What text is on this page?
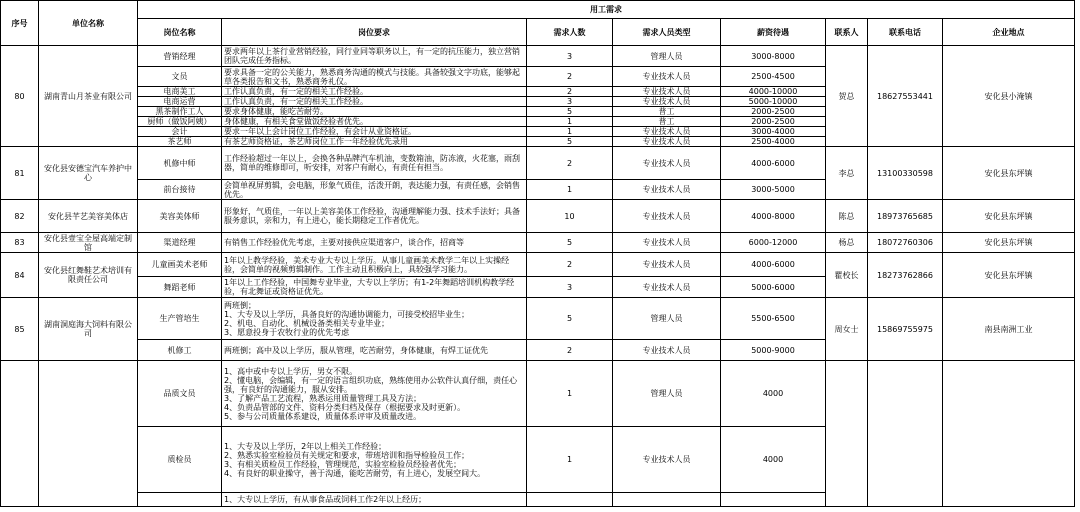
序号	单位名称	用工需求							
		岗位名称	岗位要求	需求人数	需求人员类型	薪资待遇	联系人	联系电话	企业地点
80	湖南青山月茶业有限公司	营销经理	要求两年以上茶行业营销经验，同行业同等职务以上，有一定的抗压能力，独立营销团队完成任务指标。	3	管理人员	3000-8000	贺总	18627553441	安化县小淹镇
		文员	要求具备一定的公关能力，熟悉商务沟通的模式与技能。具备较强文字功底，能够起草各类报告和文书，熟悉商务礼仪。	2	专业技术人员	2500-4500			
		电商美工	工作认真负责，有一定的相关工作经验。	2	专业技术人员	4000-10000			
		电商运营	工作认真负责，有一定的相关工作经验。	3	专业技术人员	5000-10000			
		黑茶制作工人	要求身体健康，能吃苦耐劳。	5	普工	2000-2500			
		厨师（做饭阿姨）	身体健康，有相关食堂做饭经验者优先。	1	普工	2000-2500			
		会计	要求一年以上会计岗位工作经验，有会计从业资格证。	1	专业技术人员	3000-4000			
		茶艺师	有茶艺师资格证，茶艺师岗位工作一年经验优先录用	5	专业技术人员	2500-4000			
81	安化县安德宝汽车养护中心	机修中师	工作经验超过一年以上，会换各种品牌汽车机油，变数箱油，防冻液，火花塞，雨刮器，简单的维修即可，听安排，对客户有耐心，有责任有担当。	2	专业技术人员	4000-6000	李总	13100330598	安化县东坪镇
		前台接待	会简单视屏剪辑，会电脑，形象气质佳，活泼开朗，表达能力强，有责任感，会销售优先。	1	专业技术人员	3000-5000			
82	安化县芊艺美容美体店	美容美体师	形象好，气质佳，一年以上美容美体工作经验，沟通理解能力强、技术手法好；具备服务意识，亲和力，有上进心，能长期稳定工作者优先。	10	专业技术人员	4000-8000	陈总	18973765685	安化县东坪镇
83	安化县壹宝全屋高端定制馆	渠道经理	有销售工作经验优先考虑，主要对接供应渠道客户，谈合作，招商等	5	专业技术人员	6000-12000	杨总	18072760306	安化县东坪镇
84	安化县红舞鞋艺术培训有限责任公司	儿童画美术老师	1年以上教学经验，美术专业大专以上学历。从事儿童画美术教学二年以上实操经验，会简单的视频剪辑制作。工作主动且积极向上，具较强学习能力。	2	专业技术人员	4000-6000	瞿校长	18273762866	安化县东坪镇
		舞蹈老师	1年以上工作经验，中国舞专业毕业，大专以上学历；有1-2年舞蹈培训机构教学经验，有北舞证或资格证优先。	3	专业技术人员	5000-6000			
85	湖南洞庭海大饲料有限公司	生产管培生	两班倒；
1、大专及以上学历，具备良好的沟通协调能力，可接受校招毕业生；
2、机电、自动化、机械设备类相关专业毕业；
3、愿意投身于农牧行业的优先考虑	5	管理人员	5500-6500	周女士	15869755975	南县南洲工业
		机修工	两班倒；高中及以上学历，服从管理，吃苦耐劳，身体健康，有焊工证优先	2	专业技术人员	5000-9000			
		品质文员	1、高中或中专以上学历，男女不限。
2、懂电脑，会编辑，有一定的语言组织功底，熟练使用办公软件认真仔细，责任心强，有良好的沟通能力，服从安排。
3、了解产品工艺流程，熟悉运用质量管理工具及方法；
4、负责品管部的文件、资料分类归档及保存（根据要求及时更新）。
5、参与公司质量体系建设，质量体系评审及质量改进。	1	管理人员	4000			
		质检员	1、大专及以上学历，2年以上相关工作经验；
2、熟悉实验室检验员有关规定和要求，带班培训和指导检验员工作；
3、有相关质检员工作经验，管理规范，实验室检验员经验者优先；
4、有良好的职业操守，善于沟通，能吃苦耐劳，有上进心，发展空间大。	1	专业技术人员	4000			
			1、大专以上学历，有从事食品或饲料工作2年以上经历；						
